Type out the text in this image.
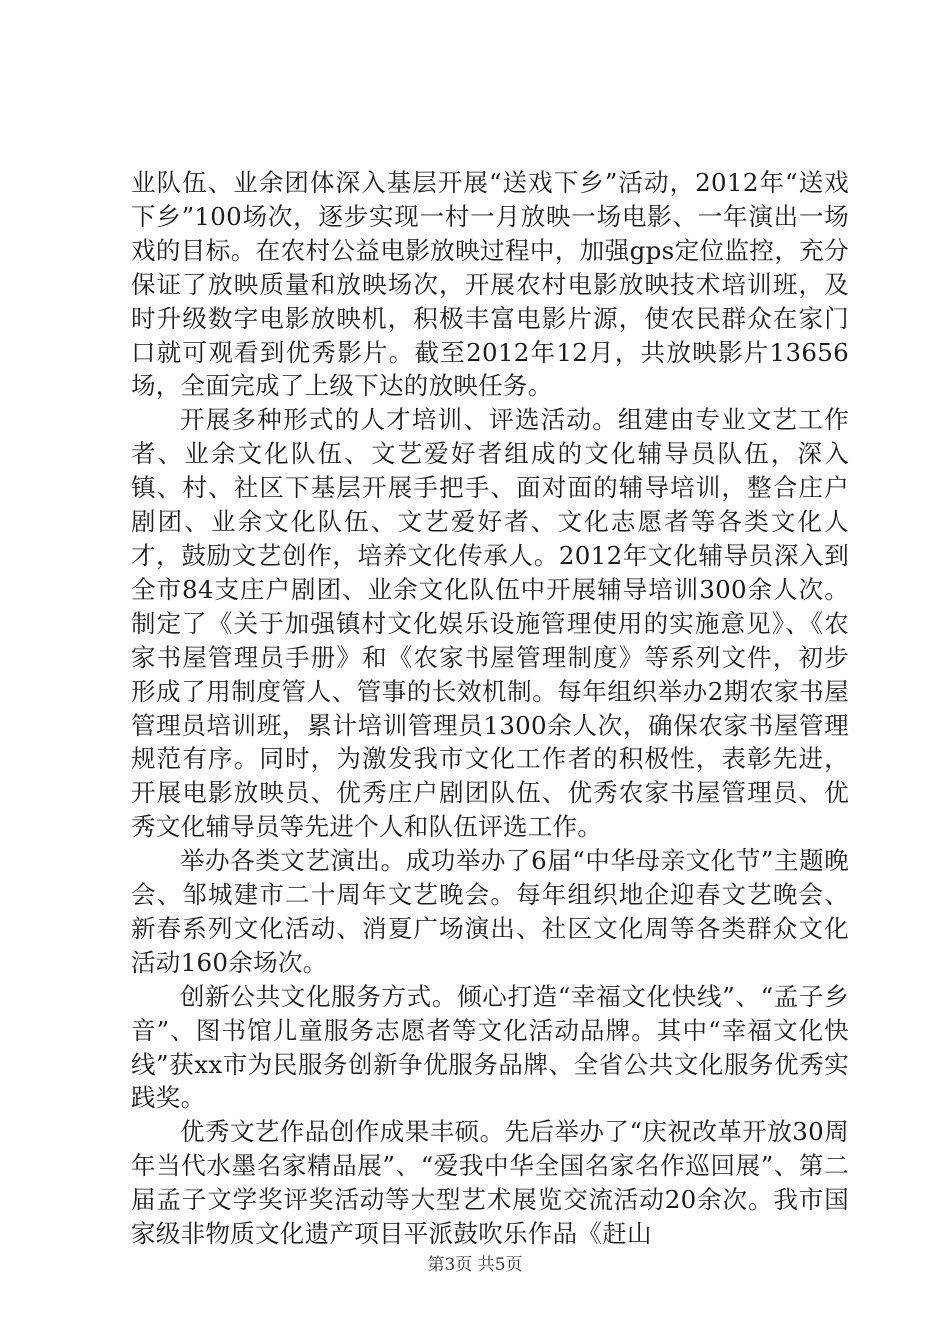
业队伍、业余团体深入基层开展“送戏下乡”活动，2012年“送戏下乡”100场次，逐步实现一村一月放映一场电影、一年演出一场戏的目标。在农村公益电影放映过程中，加强gps定位监控，充分保证了放映质量和放映场次，开展农村电影放映技术培训班，及时升级数字电影放映机，积极丰富电影片源，使农民群众在家门口就可观看到优秀影片。截至2012年12月，共放映影片13656场，全面完成了上级下达的放映任务。

开展多种形式的人才培训、评选活动。组建由专业文艺工作者、业余文化队伍、文艺爱好者组成的文化辅导员队伍，深入镇、村、社区下基层开展手把手、面对面的辅导培训，整合庄户剧团、业余文化队伍、文艺爱好者、文化志愿者等各类文化人才，鼓励文艺创作，培养文化传承人。2012年文化辅导员深入到全市84支庄户剧团、业余文化队伍中开展辅导培训300余人次。制定了《关于加强镇村文化娱乐设施管理使用的实施意见》、《农家书屋管理员手册》和《农家书屋管理制度》等系列文件，初步形成了用制度管人、管事的长效机制。每年组织举办2期农家书屋管理员培训班，累计培训管理员1300余人次，确保农家书屋管理规范有序。同时，为激发我市文化工作者的积极性，表彰先进，开展电影放映员、优秀庄户剧团队伍、优秀农家书屋管理员、优秀文化辅导员等先进个人和队伍评选工作。

举办各类文艺演出。成功举办了6届“中华母亲文化节”主题晚会、邹城建市二十周年文艺晚会。每年组织地企迎春文艺晚会、新春系列文化活动、消夏广场演出、社区文化周等各类群众文化活动160余场次。

创新公共文化服务方式。倾心打造“幸福文化快线”、“孟子乡音”、图书馆儿童服务志愿者等文化活动品牌。其中“幸福文化快线”获xx市为民服务创新争优服务品牌、全省公共文化服务优秀实践奖。

优秀文艺作品创作成果丰硕。先后举办了“庆祝改革开放30周年当代水墨名家精品展”、“爱我中华全国名家名作巡回展”、第二届孟子文学奖评奖活动等大型艺术展览交流活动20余次。我市国家级非物质文化遗产项目平派鼓吹乐作品《赶山

第3页 共5页
